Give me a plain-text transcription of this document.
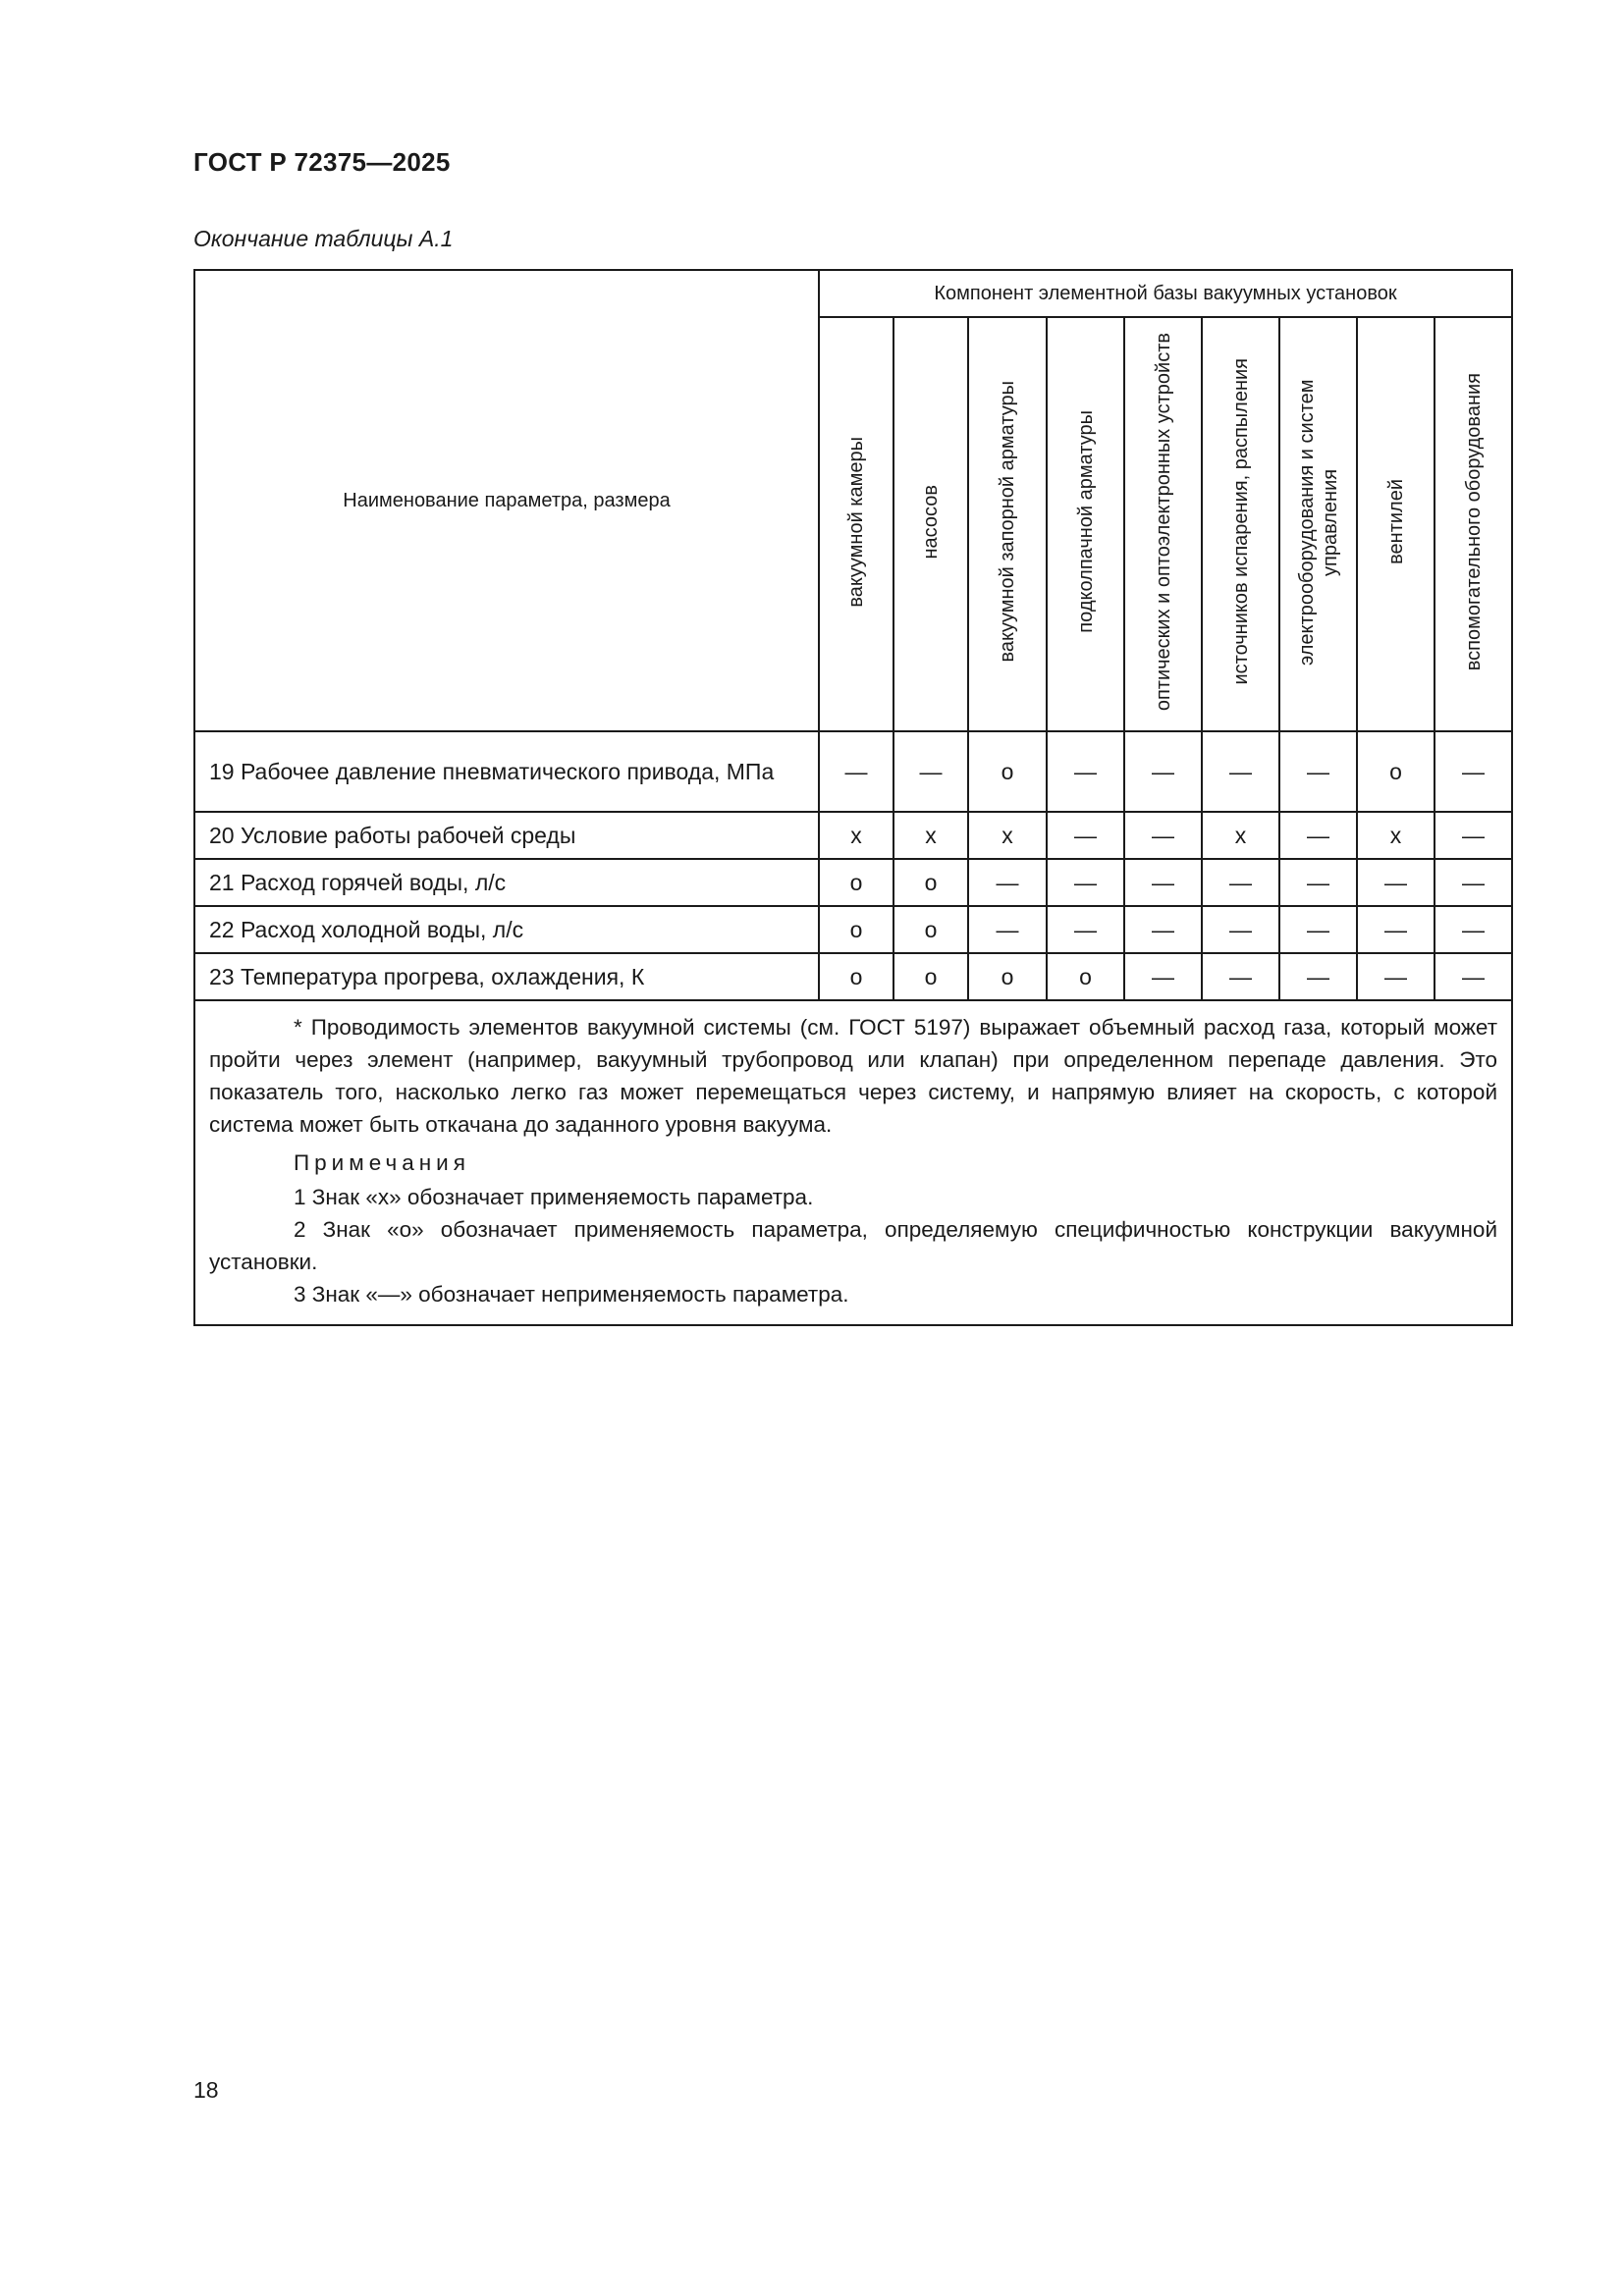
ГОСТ Р 72375—2025
Окончание таблицы А.1
Наименование параметра, размера	Компонент элементной базы вакуумных установок								
	вакуумной камеры	насосов	вакуумной запорной арматуры	подколпачной арматуры	оптических и оптоэлектронных устройств	источников испарения, распыления	электрооборудования и систем управления	вентилей	вспомогательного оборудования
19 Рабочее давление пневматического привода, МПа	—	—	о	—	—	—	—	о	—
20 Условие работы рабочей среды	х	х	х	—	—	х	—	х	—
21 Расход горячей воды, л/с	о	о	—	—	—	—	—	—	—
22 Расход холодной воды, л/с	о	о	—	—	—	—	—	—	—
23 Температура прогрева, охлаждения, К	о	о	о	о	—	—	—	—	—

* Проводимость элементов вакуумной системы (см. ГОСТ 5197) выражает объемный расход газа, который может пройти через элемент (например, вакуумный трубопровод или клапан) при определенном перепаде давления. Это показатель того, насколько легко газ может перемещаться через систему, и напрямую влияет на скорость, с которой система может быть откачана до заданного уровня вакуума.

Примечания

1 Знак «х» обозначает применяемость параметра.

2 Знак «о» обозначает применяемость параметра, определяемую специфичностью конструкции вакуумной установки.

3 Знак «—» обозначает неприменяемость параметра.									

18
